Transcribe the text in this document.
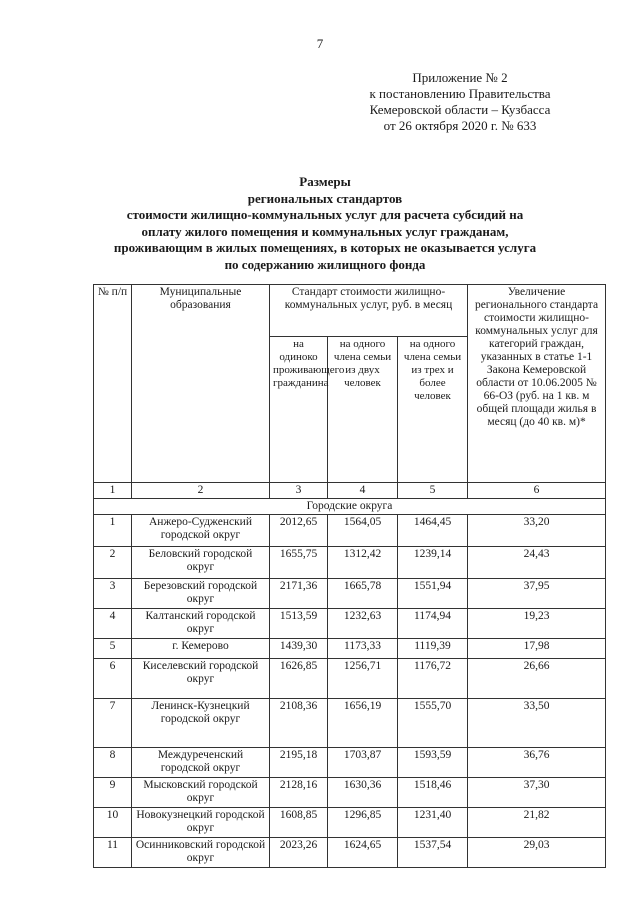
7
Приложение № 2
к постановлению Правительства
Кемеровской области – Кузбасса
от 26 октября 2020 г. № 633
Размеры
региональных стандартов
стоимости жилищно-коммунальных услуг для расчета субсидий на
оплату жилого помещения и коммунальных услуг гражданам,
проживающим в жилых помещениях, в которых не оказывается услуга
по содержанию жилищного фонда
№ п/п	Муниципальные образования	Стандарт стоимости жилищно-коммунальных услуг, руб. в месяц			Увеличение регионального стандарта стоимости жилищно-коммунальных услуг для категорий граждан, указанных в статье 1-1 Закона Кемеровской области от 10.06.2005 № 66-ОЗ (руб. на 1 кв. м общей площади жилья в месяц (до 40 кв. м)*
		на одиноко проживающего гражданина	на одного члена семьи из двух человек	на одного члена семьи из трех и более человек	
1	2	3	4	5	6
Городские округа					
1	Анжеро-Судженский городской округ	2012,65	1564,05	1464,45	33,20
2	Беловский городской округ	1655,75	1312,42	1239,14	24,43
3	Березовский городской округ	2171,36	1665,78	1551,94	37,95
4	Калтанский городской округ	1513,59	1232,63	1174,94	19,23
5	г. Кемерово	1439,30	1173,33	1119,39	17,98
6	Киселевский городской округ	1626,85	1256,71	1176,72	26,66
7	Ленинск-Кузнецкий городской округ	2108,36	1656,19	1555,70	33,50
8	Междуреченский городской округ	2195,18	1703,87	1593,59	36,76
9	Мысковский городской округ	2128,16	1630,36	1518,46	37,30
10	Новокузнецкий городской округ	1608,85	1296,85	1231,40	21,82
11	Осинниковский городской округ	2023,26	1624,65	1537,54	29,03
